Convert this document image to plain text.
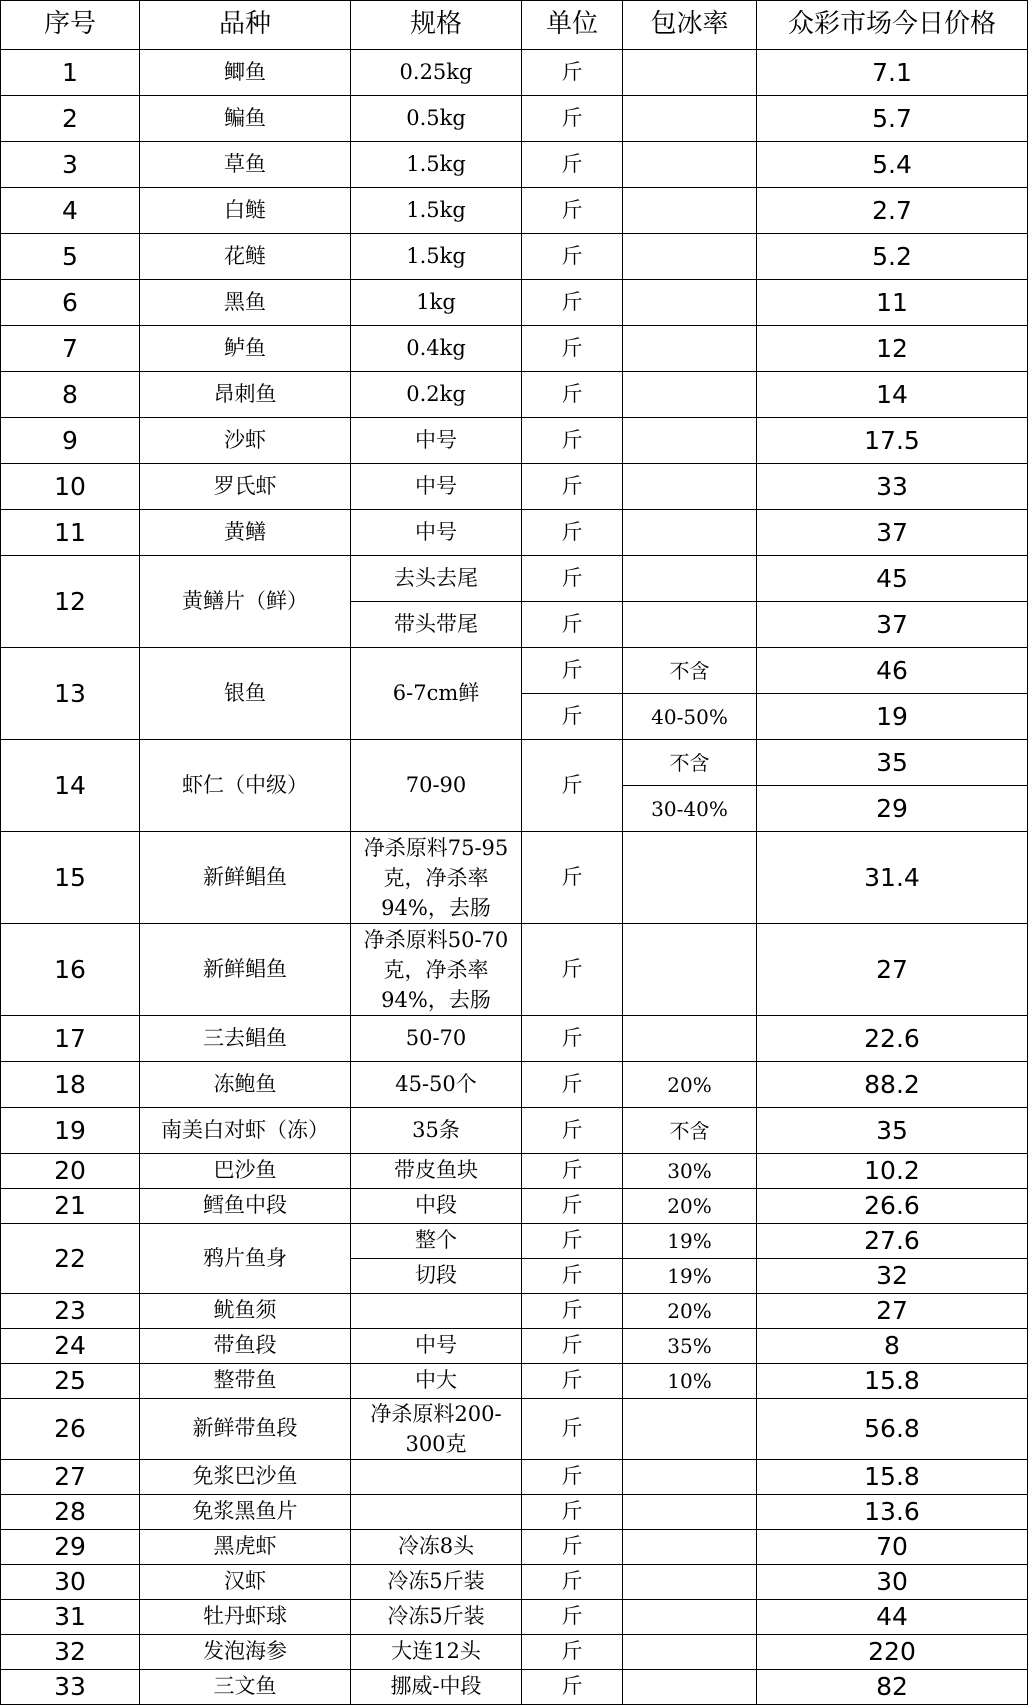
序号	品种	规格	单位	包冰率	众彩市场今日价格
1	鲫鱼	0.25kg	斤		7.1
2	鳊鱼	0.5kg	斤		5.7
3	草鱼	1.5kg	斤		5.4
4	白鲢	1.5kg	斤		2.7
5	花鲢	1.5kg	斤		5.2
6	黑鱼	1kg	斤		11
7	鲈鱼	0.4kg	斤		12
8	昂刺鱼	0.2kg	斤		14
9	沙虾	中号	斤		17.5
10	罗氏虾	中号	斤		33
11	黄鳝	中号	斤		37
12	黄鳝片（鲜）	去头去尾	斤		45
		带头带尾	斤		37
13	银鱼	6-7cm鲜	斤	不含	46
			斤	40-50%	19
14	虾仁（中级）	70-90	斤	不含	35
				30-40%	29
15	新鲜鲳鱼	净杀原料75-95克，净杀率94%，去肠	斤		31.4
16	新鲜鲳鱼	净杀原料50-70克，净杀率94%，去肠	斤		27
17	三去鲳鱼	50-70	斤		22.6
18	冻鲍鱼	45-50个	斤	20%	88.2
19	南美白对虾（冻）	35条	斤	不含	35
20	巴沙鱼	带皮鱼块	斤	30%	10.2
21	鳕鱼中段	中段	斤	20%	26.6
22	鸦片鱼身	整个	斤	19%	27.6
		切段	斤	19%	32
23	鱿鱼须		斤	20%	27
24	带鱼段	中号	斤	35%	8
25	整带鱼	中大	斤	10%	15.8
26	新鲜带鱼段	净杀原料200-300克	斤		56.8
27	免浆巴沙鱼		斤		15.8
28	免浆黑鱼片		斤		13.6
29	黑虎虾	冷冻8头	斤		70
30	汉虾	冷冻5斤装	斤		30
31	牡丹虾球	冷冻5斤装	斤		44
32	发泡海参	大连12头	斤		220
33	三文鱼	挪威-中段	斤		82
